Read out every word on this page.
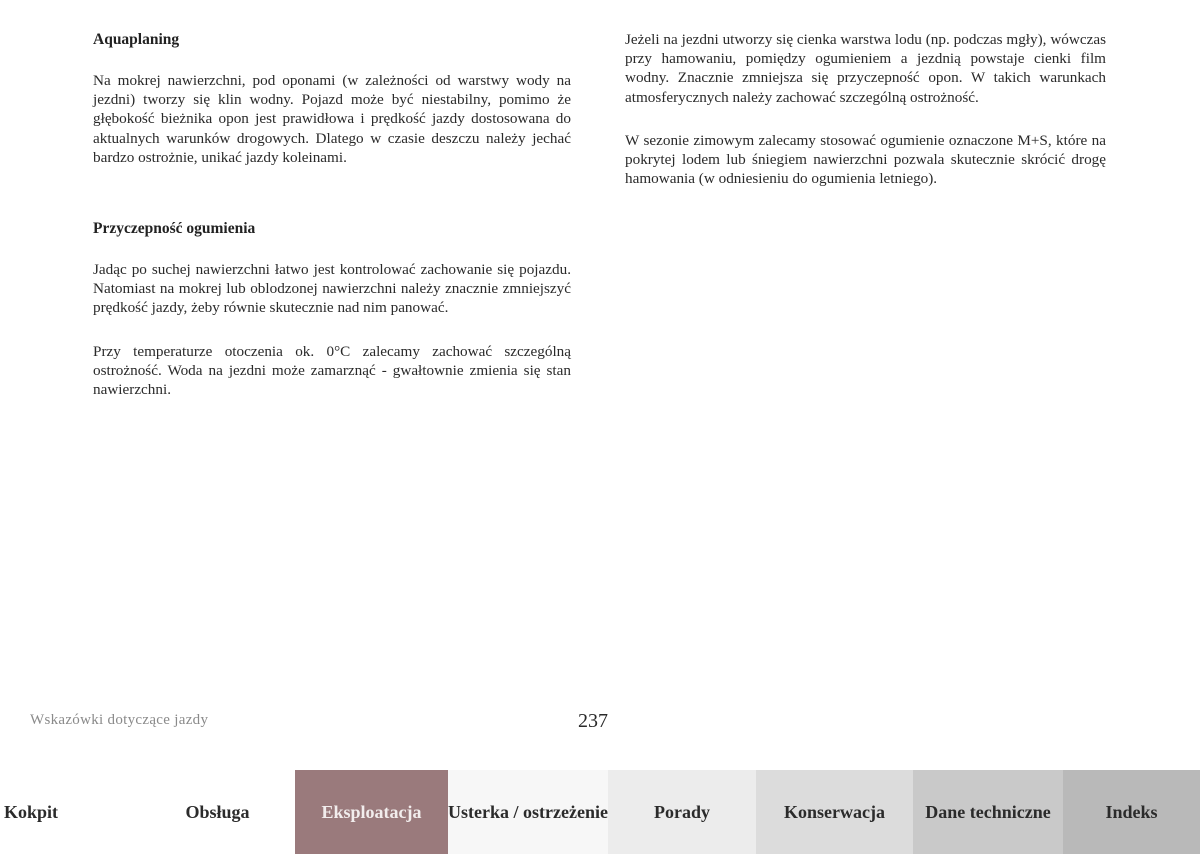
Aquaplaning

Na mokrej nawierzchni, pod oponami (w zależności od warstwy wody na jezdni) tworzy się klin wodny. Pojazd może być niestabilny, pomimo że głębokość bieżnika opon jest prawidłowa i prędkość jazdy dostosowana do aktualnych warunków drogowych. Dlatego w czasie deszczu należy jechać bardzo ostrożnie, unikać jazdy koleinami.

Przyczepność ogumienia

Jadąc po suchej nawierzchni łatwo jest kontrolować zachowanie się pojazdu. Natomiast na mokrej lub oblodzonej nawierzchni należy znacznie zmniejszyć prędkość jazdy, żeby równie skutecznie nad nim panować.

Przy temperaturze otoczenia ok. 0°C zalecamy zachować szczególną ostrożność. Woda na jezdni może zamarznąć - gwałtownie zmienia się stan nawierzchni.

Jeżeli na jezdni utworzy się cienka warstwa lodu (np. podczas mgły), wówczas przy hamowaniu, pomiędzy ogumieniem a jezdnią powstaje cienki film wodny. Znacznie zmniejsza się przyczepność opon. W takich warunkach atmosferycznych należy zachować szczególną ostrożność.

W sezonie zimowym zalecamy stosować ogumienie oznaczone M+S, które na pokrytej lodem lub śniegiem nawierzchni pozwala skutecznie skrócić drogę hamowania (w odniesieniu do ogumienia letniego).

Wskazówki dotyczące jazdy	237
Kokpit	Obsługa	Eksploatacja	Usterka / ostrzeżenie	Porady	Konserwacja	Dane techniczne	Indeks
